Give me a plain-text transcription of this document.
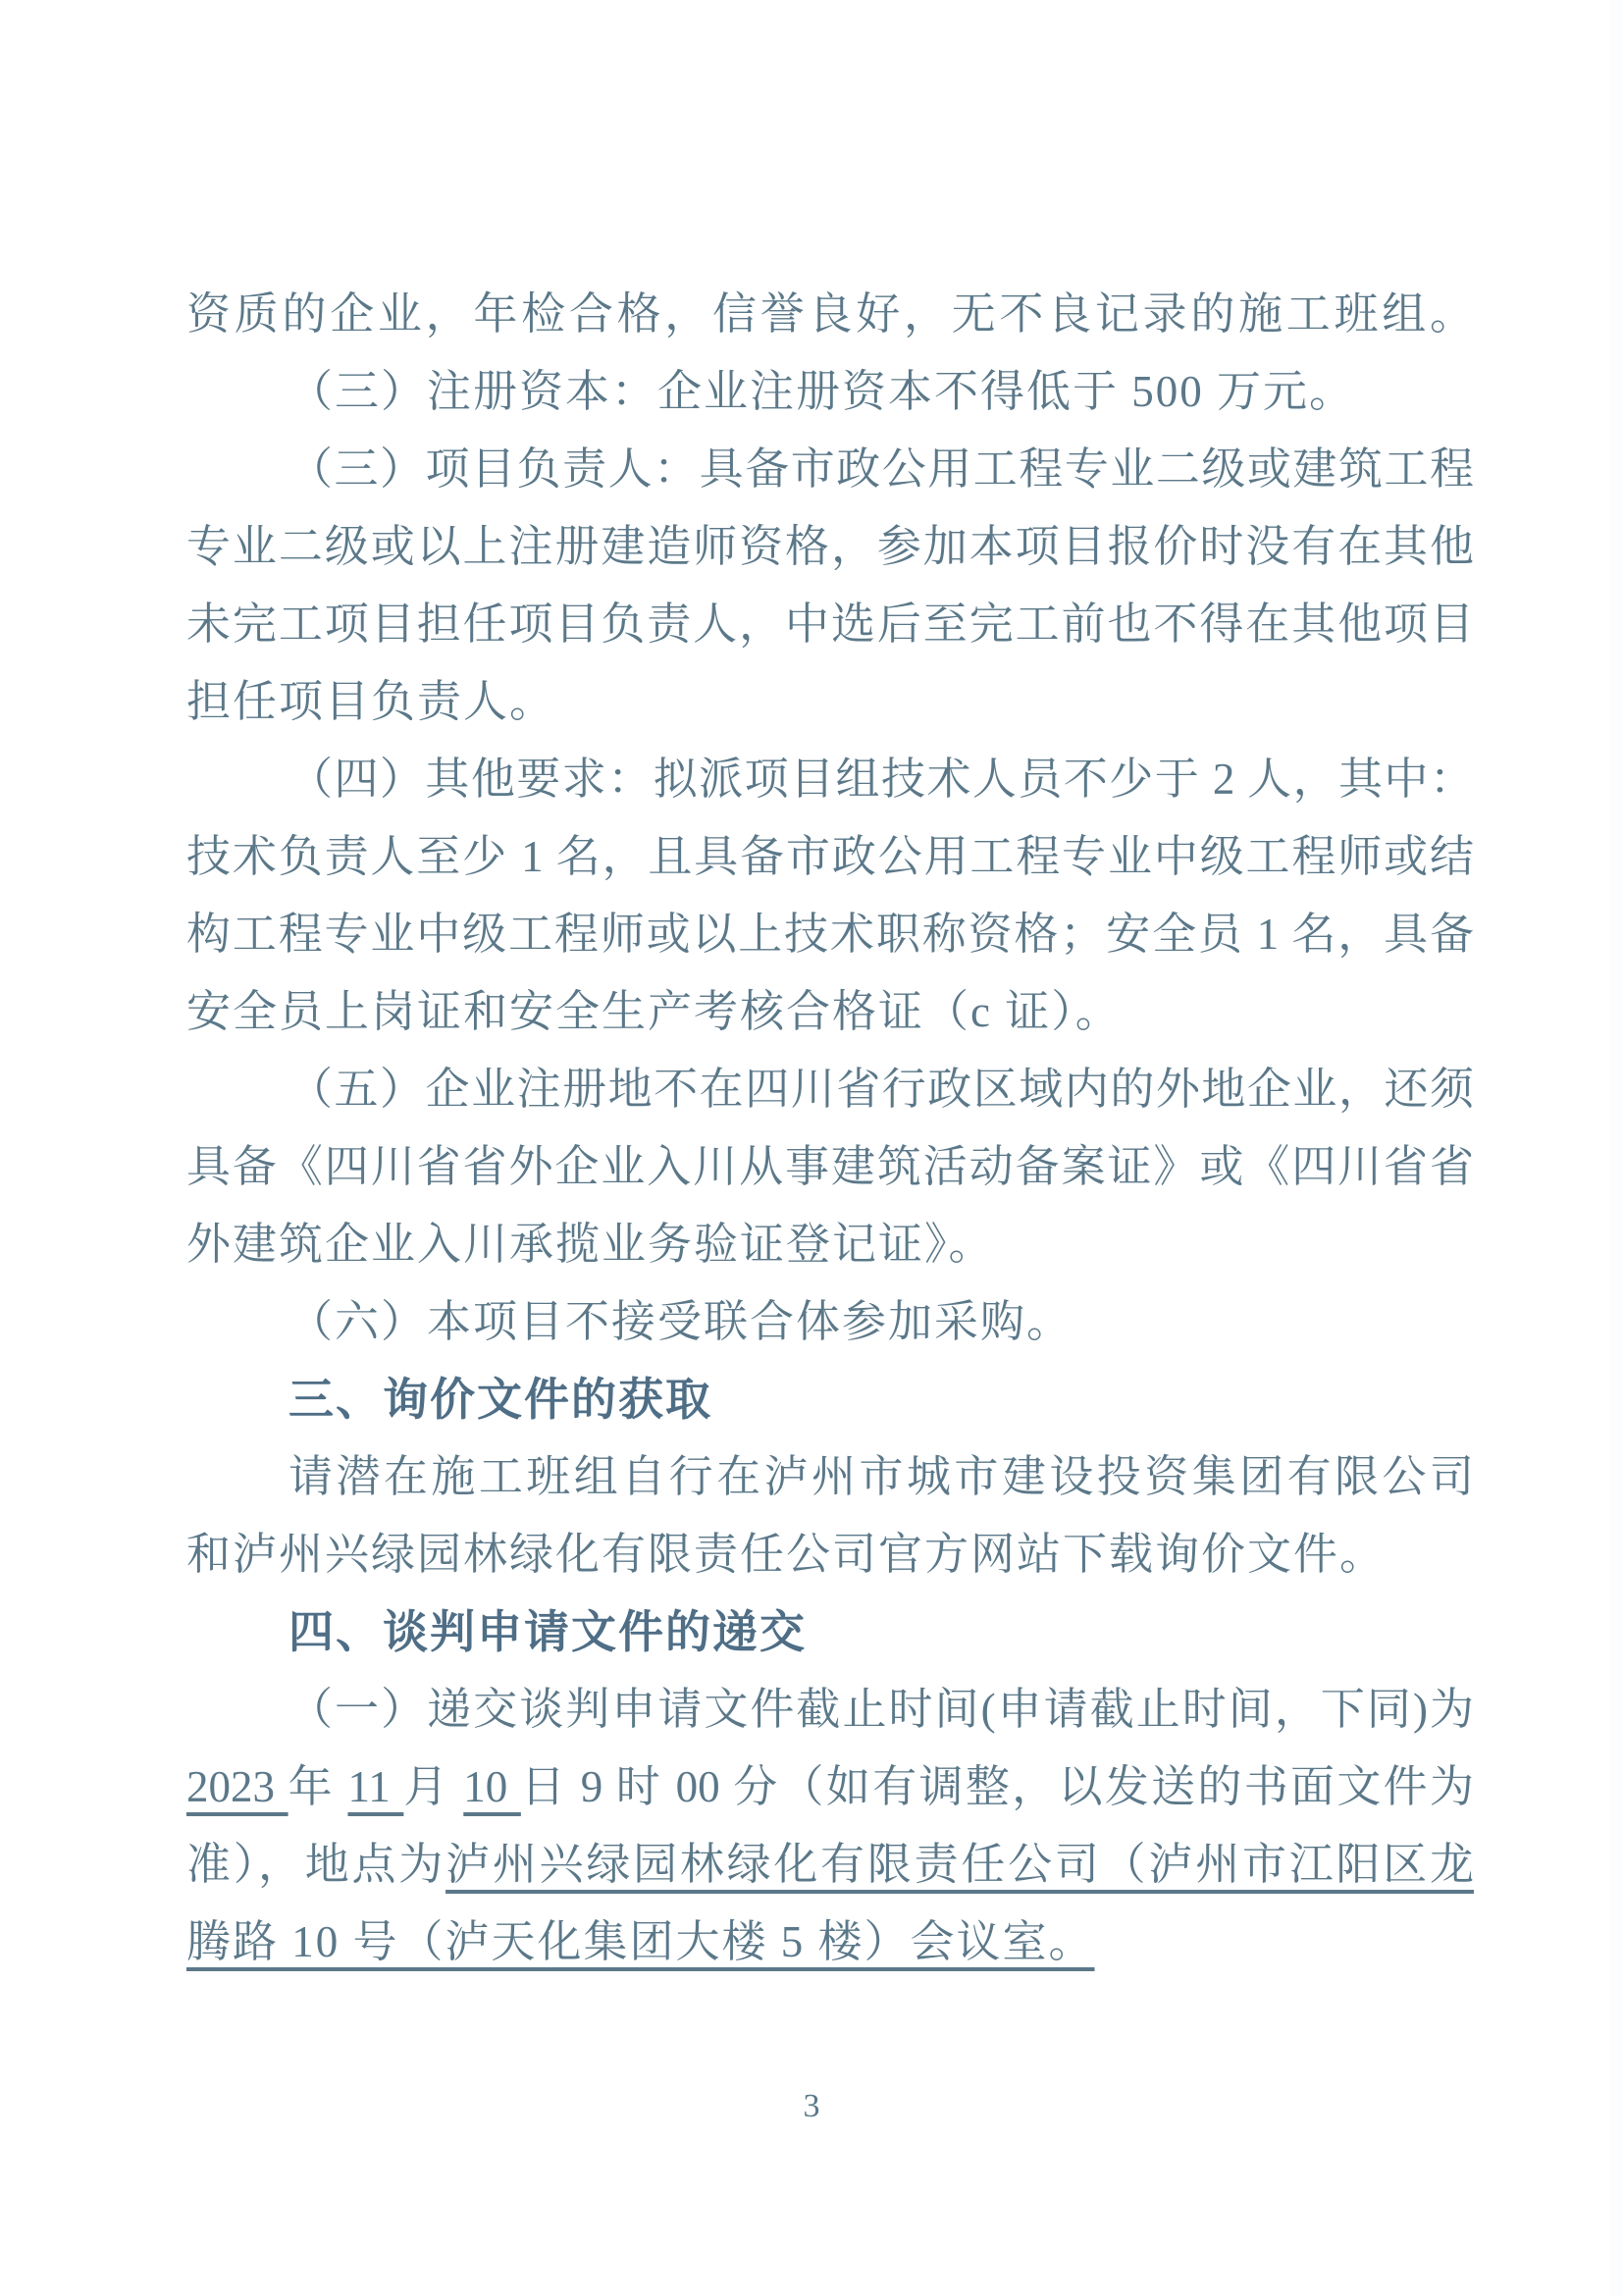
资质的企业，年检合格，信誉良好，无不良记录的施工班组。
（三）注册资本：企业注册资本不得低于 500 万元。
（三）项目负责人：具备市政公用工程专业二级或建筑工程
专业二级或以上注册建造师资格，参加本项目报价时没有在其他
未完工项目担任项目负责人，中选后至完工前也不得在其他项目
担任项目负责人。
（四）其他要求：拟派项目组技术人员不少于 2 人，其中：
技术负责人至少 1 名，且具备市政公用工程专业中级工程师或结
构工程专业中级工程师或以上技术职称资格；安全员 1 名，具备
安全员上岗证和安全生产考核合格证（c 证）。
（五）企业注册地不在四川省行政区域内的外地企业，还须
具备《四川省省外企业入川从事建筑活动备案证》或《四川省省
外建筑企业入川承揽业务验证登记证》。
（六）本项目不接受联合体参加采购。
三、询价文件的获取
请潜在施工班组自行在泸州市城市建设投资集团有限公司
和泸州兴绿园林绿化有限责任公司官方网站下载询价文件。
四、谈判申请文件的递交
（一）递交谈判申请文件截止时间(申请截止时间，下同)为
2023 年 11 月 10 日 9 时 00 分（如有调整，以发送的书面文件为
准），地点为泸州兴绿园林绿化有限责任公司（泸州市江阳区龙
腾路 10 号（泸天化集团大楼 5 楼）会议室。
3
